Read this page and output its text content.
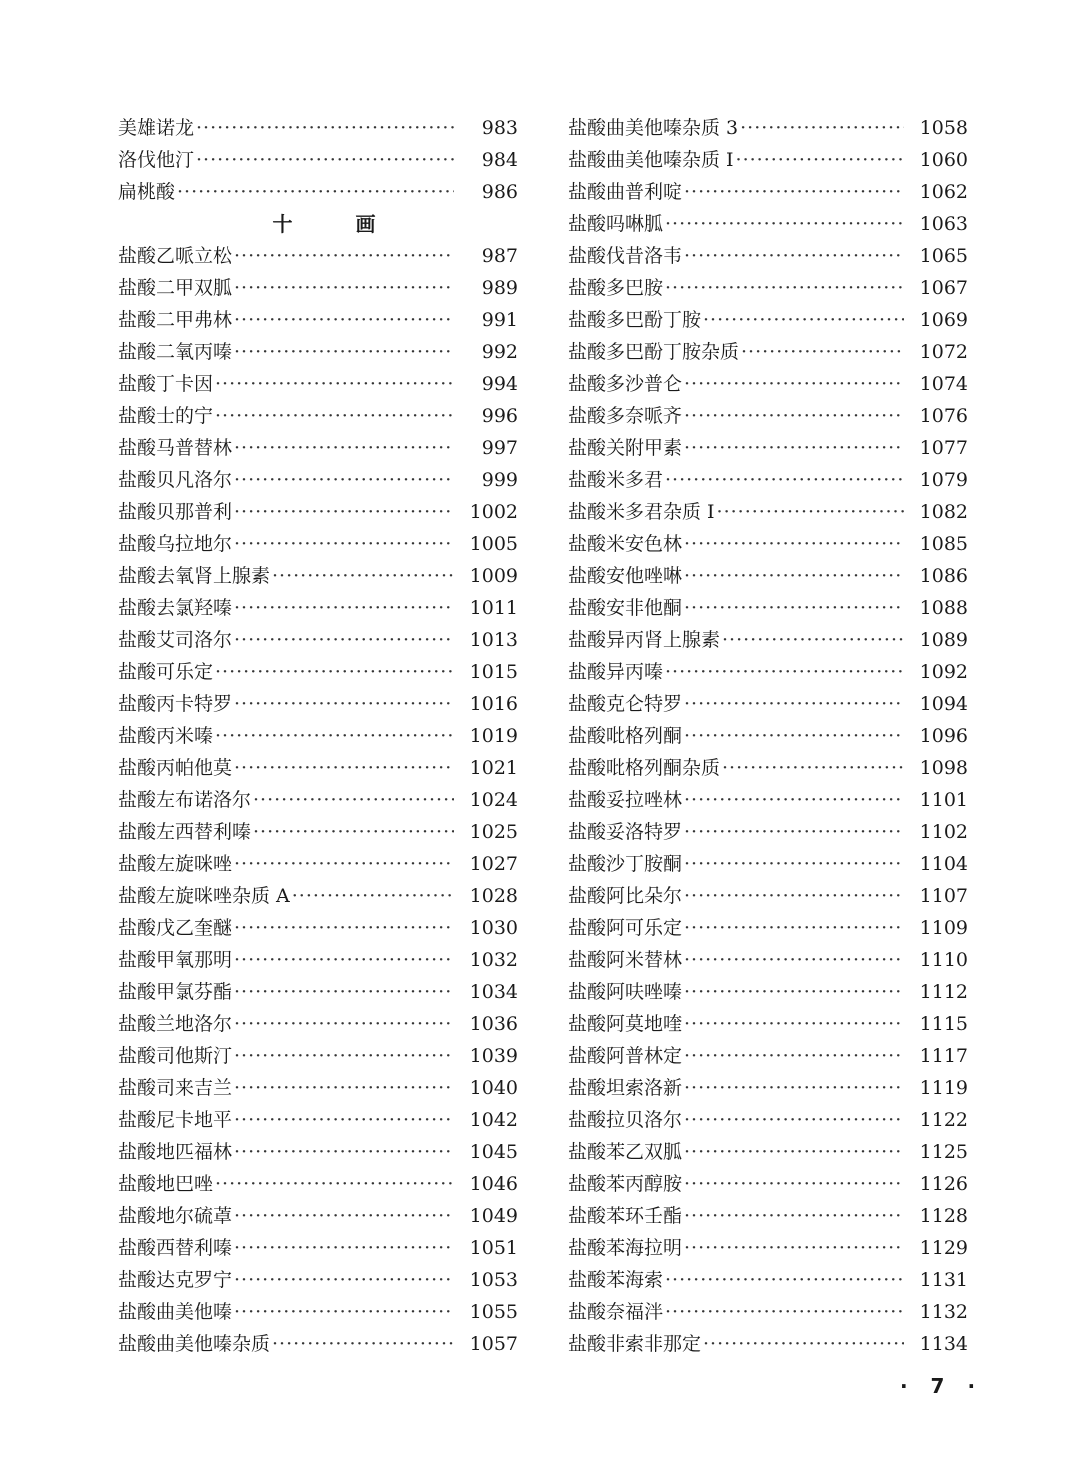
美雄诺龙 ·····	983
洛伐他汀 ·····	984
扁桃酸 ·····	986
十 画
盐酸乙哌立松 ·····	987
盐酸二甲双胍 ·····	989
盐酸二甲弗林 ·····	991
盐酸二氧丙嗪 ·····	992
盐酸丁卡因 ·····	994
盐酸士的宁 ·····	996
盐酸马普替林 ·····	997
盐酸贝凡洛尔 ·····	999
盐酸贝那普利 ·····	1002
盐酸乌拉地尔 ·····	1005
盐酸去氧肾上腺素 ·····	1009
盐酸去氯羟嗪 ·····	1011
盐酸艾司洛尔 ·····	1013
盐酸可乐定 ·····	1015
盐酸丙卡特罗 ·····	1016
盐酸丙米嗪 ·····	1019
盐酸丙帕他莫 ·····	1021
盐酸左布诺洛尔 ·····	1024
盐酸左西替利嗪 ·····	1025
盐酸左旋咪唑 ·····	1027
盐酸左旋咪唑杂质 A ·····	1028
盐酸戊乙奎醚 ·····	1030
盐酸甲氧那明 ·····	1032
盐酸甲氯芬酯 ·····	1034
盐酸兰地洛尔 ·····	1036
盐酸司他斯汀 ·····	1039
盐酸司来吉兰 ·····	1040
盐酸尼卡地平 ·····	1042
盐酸地匹福林 ·····	1045
盐酸地巴唑 ·····	1046
盐酸地尔硫䓬 ·····	1049
盐酸西替利嗪 ·····	1051
盐酸达克罗宁 ·····	1053
盐酸曲美他嗪 ·····	1055
盐酸曲美他嗪杂质 ·····	1057
盐酸曲美他嗪杂质 3 ·····	1058
盐酸曲美他嗪杂质 I ·····	1060
盐酸曲普利啶 ·····	1062
盐酸吗啉胍 ·····	1063
盐酸伐昔洛韦 ·····	1065
盐酸多巴胺 ·····	1067
盐酸多巴酚丁胺 ·····	1069
盐酸多巴酚丁胺杂质 ·····	1072
盐酸多沙普仑 ·····	1074
盐酸多奈哌齐 ·····	1076
盐酸关附甲素 ·····	1077
盐酸米多君 ·····	1079
盐酸米多君杂质 I ·····	1082
盐酸米安色林 ·····	1085
盐酸安他唑啉 ·····	1086
盐酸安非他酮 ·····	1088
盐酸异丙肾上腺素 ·····	1089
盐酸异丙嗪 ·····	1092
盐酸克仑特罗 ·····	1094
盐酸吡格列酮 ·····	1096
盐酸吡格列酮杂质 ·····	1098
盐酸妥拉唑林 ·····	1101
盐酸妥洛特罗 ·····	1102
盐酸沙丁胺酮 ·····	1104
盐酸阿比朵尔 ·····	1107
盐酸阿可乐定 ·····	1109
盐酸阿米替林 ·····	1110
盐酸阿呋唑嗪 ·····	1112
盐酸阿莫地喹 ·····	1115
盐酸阿普林定 ·····	1117
盐酸坦索洛新 ·····	1119
盐酸拉贝洛尔 ·····	1122
盐酸苯乙双胍 ·····	1125
盐酸苯丙醇胺 ·····	1126
盐酸苯环壬酯 ·····	1128
盐酸苯海拉明 ·····	1129
盐酸苯海索 ·····	1131
盐酸奈福泮 ·····	1132
盐酸非索非那定 ·····	1134
· 7 ·
